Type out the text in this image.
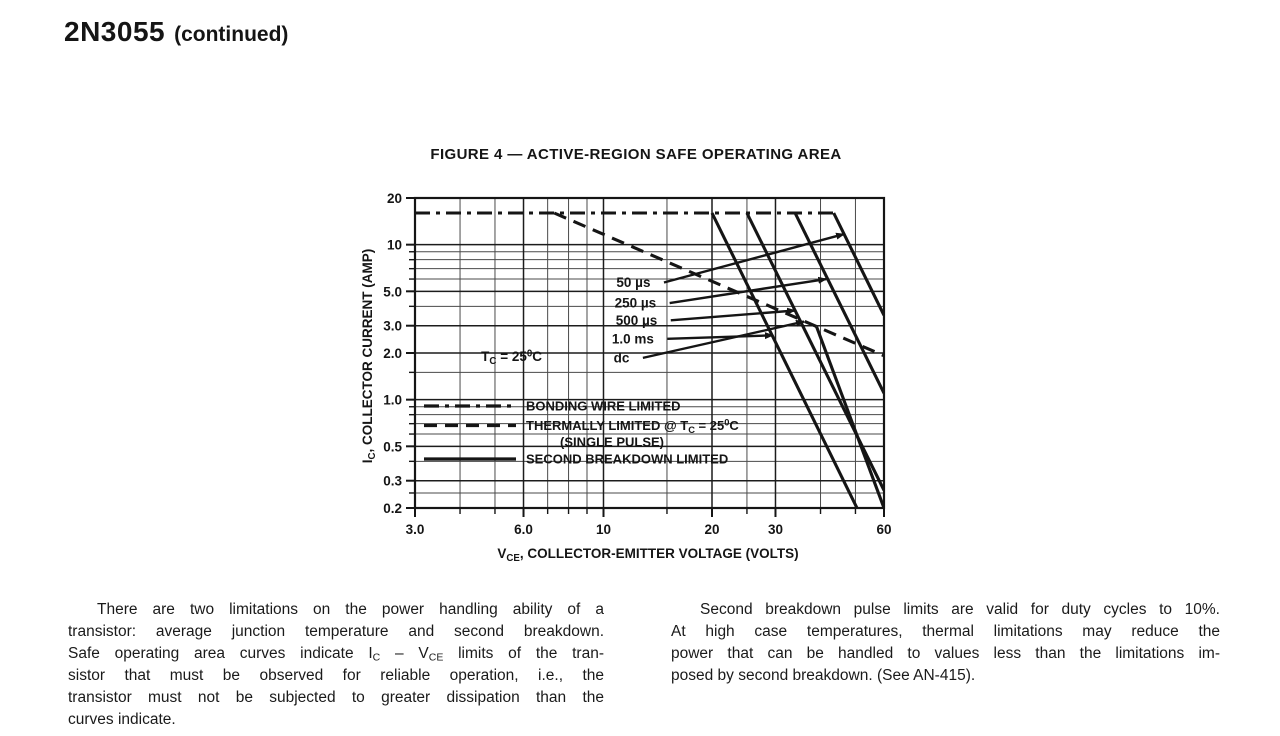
2N3055 (continued)
FIGURE 4 — ACTIVE-REGION SAFE OPERATING AREA
3.0	6.0	10	20	30	60
20
10
5.0
3.0
2.0
1.0
0.5
0.3
0.2
$V_{CE}$, COLLECTOR-EMITTER VOLTAGE (VOLTS)
$I_C$, COLLECTOR CURRENT (AMP)	50 µs
250 µs
500 µs
1.0 ms
dc
$T_C = 25^0C$
BONDING WIRE LIMITED
THERMALLY LIMITED @ $T_C = 25^0C$
(SINGLE PULSE)
SECOND BREAKDOWN LIMITED
There are two limitations on the power handling ability of a
transistor: average junction temperature and second breakdown.
Safe operating area curves indicate $I_C - V_{CE}$ limits of the tran-
sistor that must be observed for reliable operation, i.e., the
transistor must not be subjected to greater dissipation than the
curves indicate.
Second breakdown pulse limits are valid for duty cycles to 10%.
At high case temperatures, thermal limitations may reduce the
power that can be handled to values less than the limitations im-
posed by second breakdown. (See AN-415).
